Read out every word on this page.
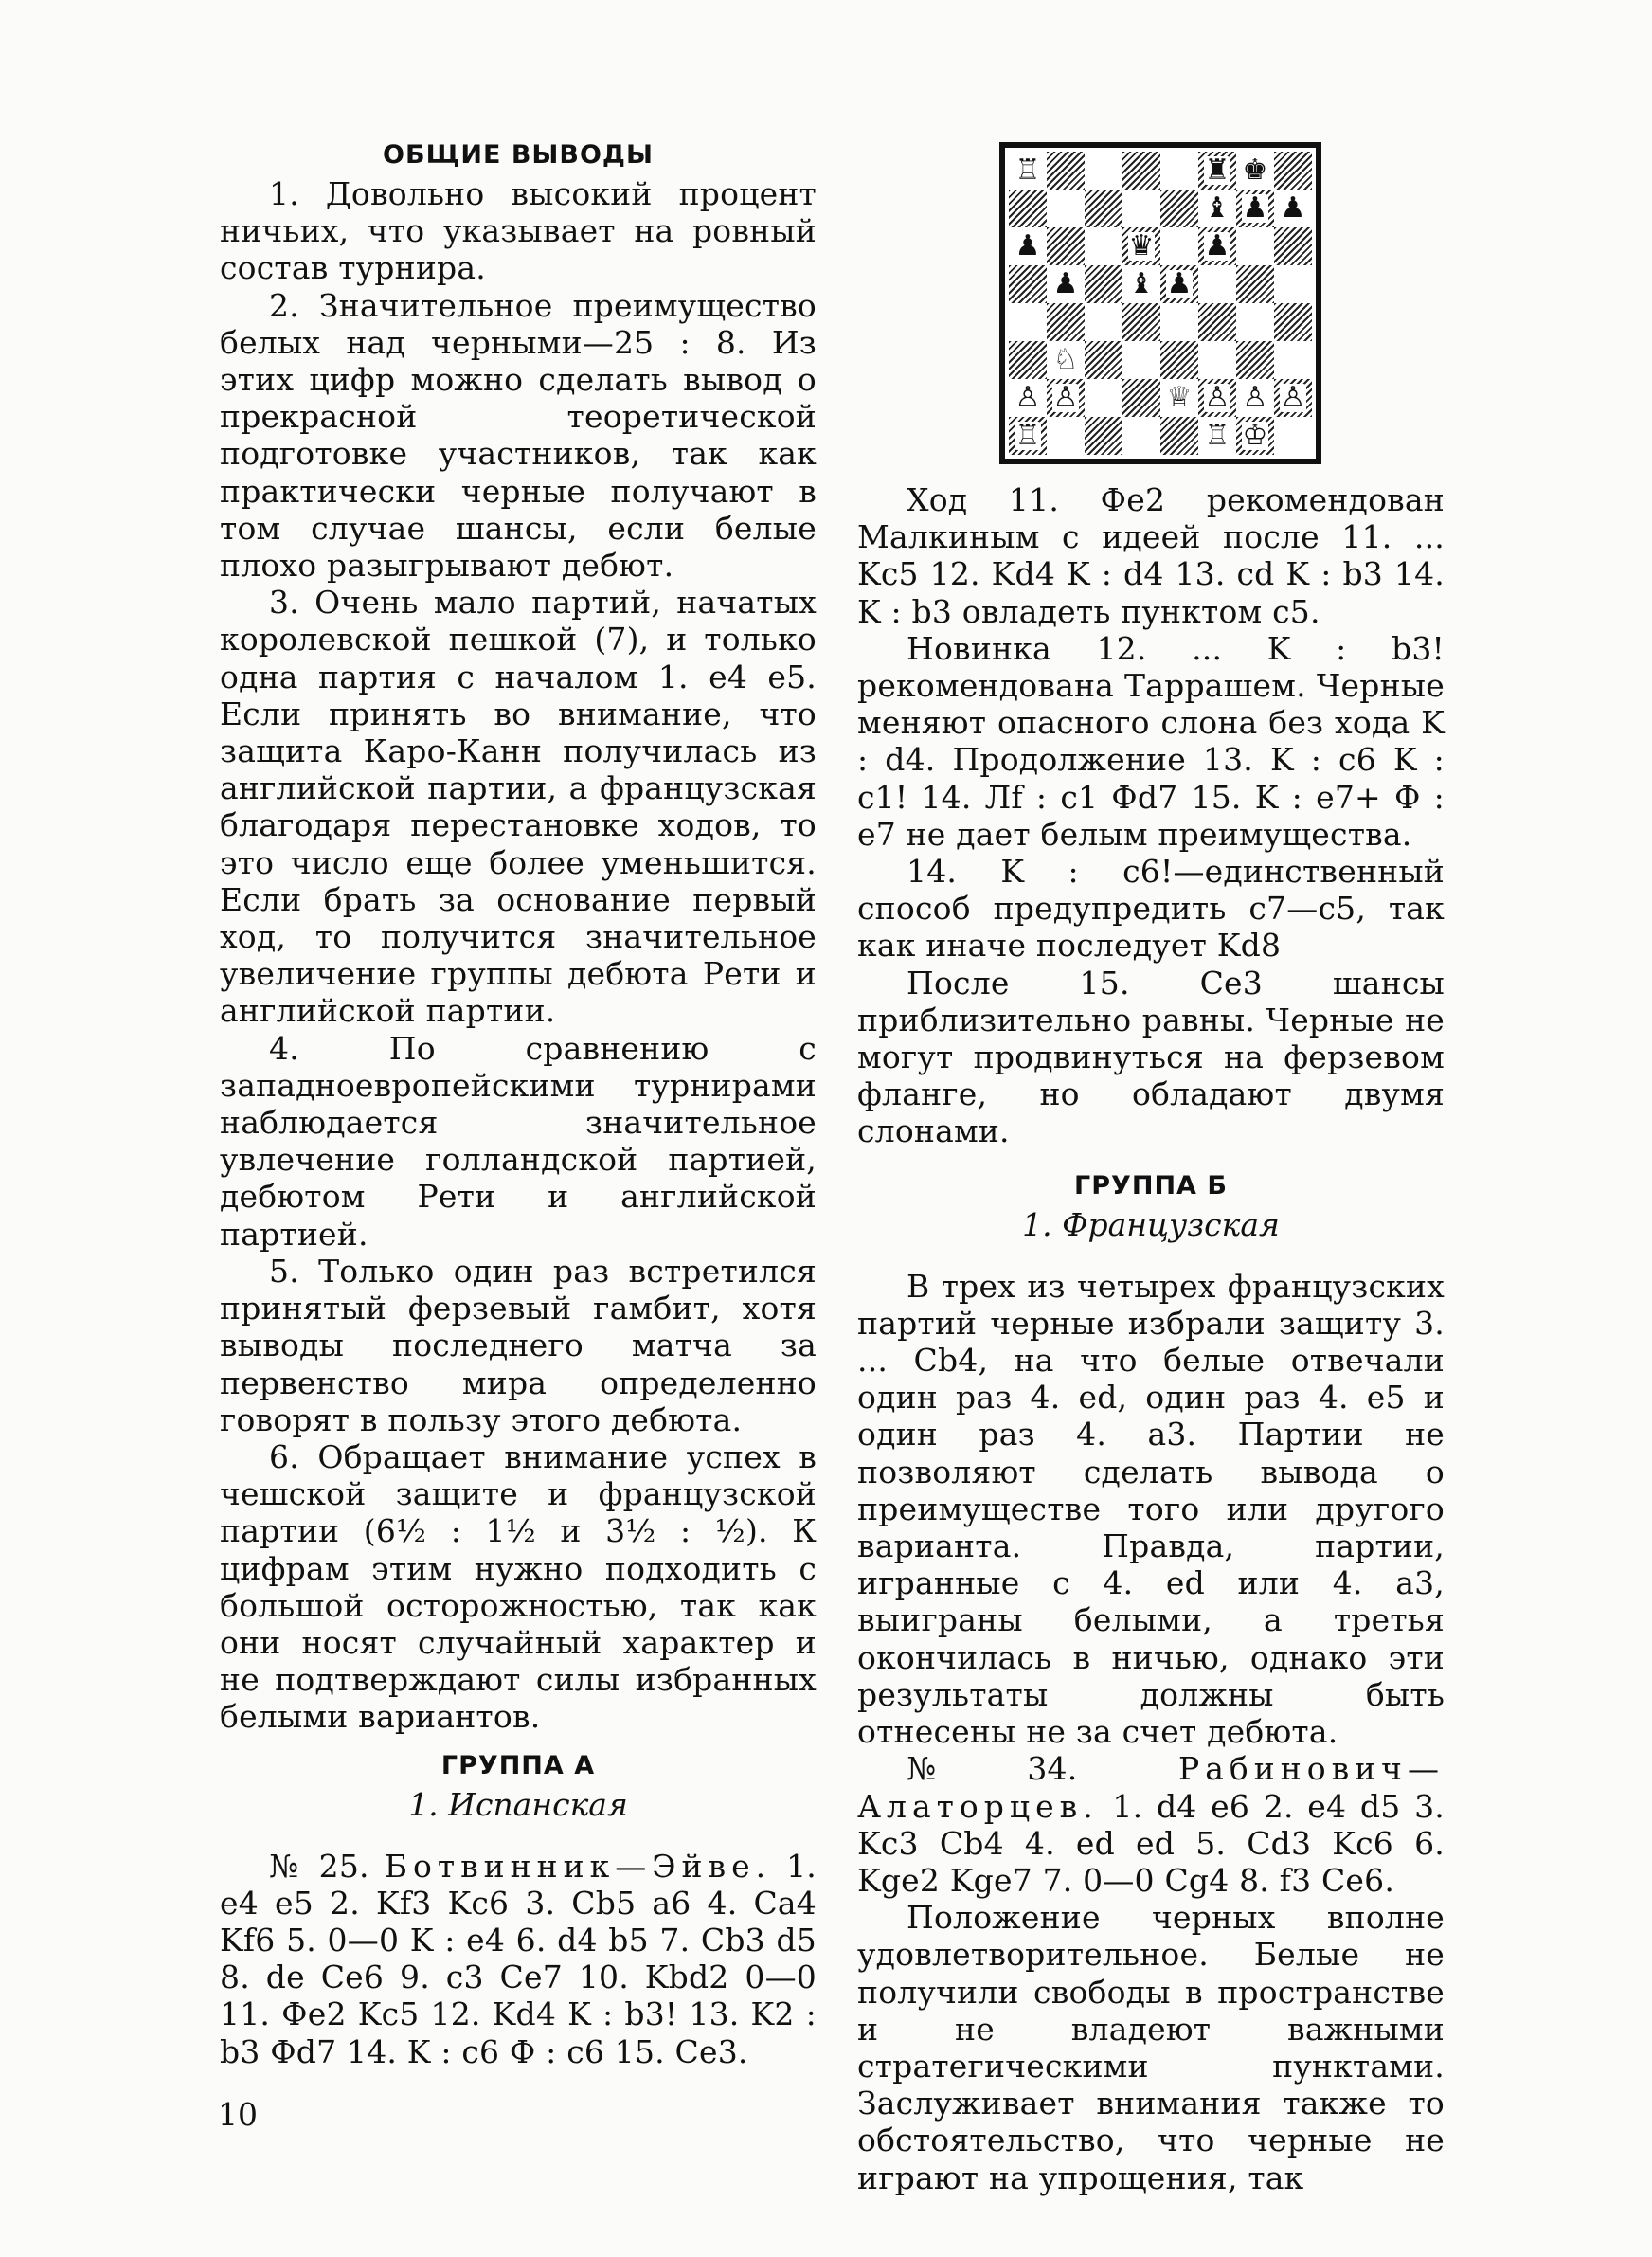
ОБЩИЕ ВЫВОДЫ

1. Довольно высокий процент ничьих, что указывает на ровный состав турнира.

2. Значительное преимущество белых над черными—25 : 8. Из этих цифр можно сделать вывод о прекрасной теоретической подготовке участников, так как практически черные получают в том случае шансы, если белые плохо разыгрывают дебют.

3. Очень мало партий, начатых королевской пешкой (7), и только одна партия с началом 1. e4 e5. Если принять во внимание, что защита Каро-Канн получилась из английской партии, а французская благодаря перестановке ходов, то это число еще более уменьшится. Если брать за основание первый ход, то получится значительное увеличение группы дебюта Рети и английской партии.

4. По сравнению с западноевропейскими турнирами наблюдается значительное увлечение голландской партией, дебютом Рети и английской партией.

5. Только один раз встретился принятый ферзевый гамбит, хотя выводы последнего матча за первенство мира определенно говорят в пользу этого дебюта.

6. Обращает внимание успех в чешской защите и французской партии (6½ : 1½ и 3½ : ½). К цифрам этим нужно подходить с большой осторожностью, так как они носят случайный характер и не подтверждают силы избранных белыми вариантов.

ГРУППА А
1. Испанская

№ 25. Ботвинник—Эйве. 1. e4 e5 2. Kf3 Kc6 3. Cb5 a6 4. Ca4 Kf6 5. 0—0 K : e4 6. d4 b5 7. Cb3 d5 8. de Ce6 9. c3 Ce7 10. Kbd2 0—0 11. Фe2 Kc5 12. Kd4 K : b3! 13. K2 : b3 Фd7 14. K : c6 Ф : c6 15. Ce3.

♖	♜ ♚
♝ ♟ ♟
♟	♛ ♟
♟ ♝ ♟
♘
♙ ♙	♕ ♙ ♙ ♙
♖	♖ ♔

Ход 11. Фe2 рекомендован Малкиным с идеей после 11. ... Kc5 12. Kd4 K : d4 13. cd K : b3 14. K : b3 овладеть пунктом c5.

Новинка 12. ... K : b3! рекомендована Таррашем. Черные меняют опасного слона без хода K : d4. Продолжение 13. K : c6 K : c1! 14. Лf : c1 Фd7 15. K : e7+ Ф : e7 не дает белым преимущества.

14. K : c6!—единственный способ предупредить c7—c5, так как иначе последует Kd8

После 15. Ce3 шансы приблизительно равны. Черные не могут продвинуться на ферзевом фланге, но обладают двумя слонами.

ГРУППА Б
1. Французская

В трех из четырех французских партий черные избрали защиту 3. ... Cb4, на что белые отвечали один раз 4. ed, один раз 4. e5 и один раз 4. a3. Партии не позволяют сделать вывода о преимуществе того или другого варианта. Правда, партии, игранные с 4. ed или 4. a3, выиграны белыми, а третья окончилась в ничью, однако эти результаты должны быть отнесены не за счет дебюта.

№34.	Рабинович—Алаторцев. 1. d4 e6 2. e4 d5 3. Kc3 Cb4 4. ed ed 5. Cd3 Kc6 6. Kge2 Kge7 7. 0—0 Cg4 8. f3 Ce6.

Положение черных вполне удовлетворительное. Белые не получили свободы в пространстве и не владеют важными стратегическими пунктами. Заслуживает внимания также то обстоятельство, что черные не играют на упрощения, так

10
